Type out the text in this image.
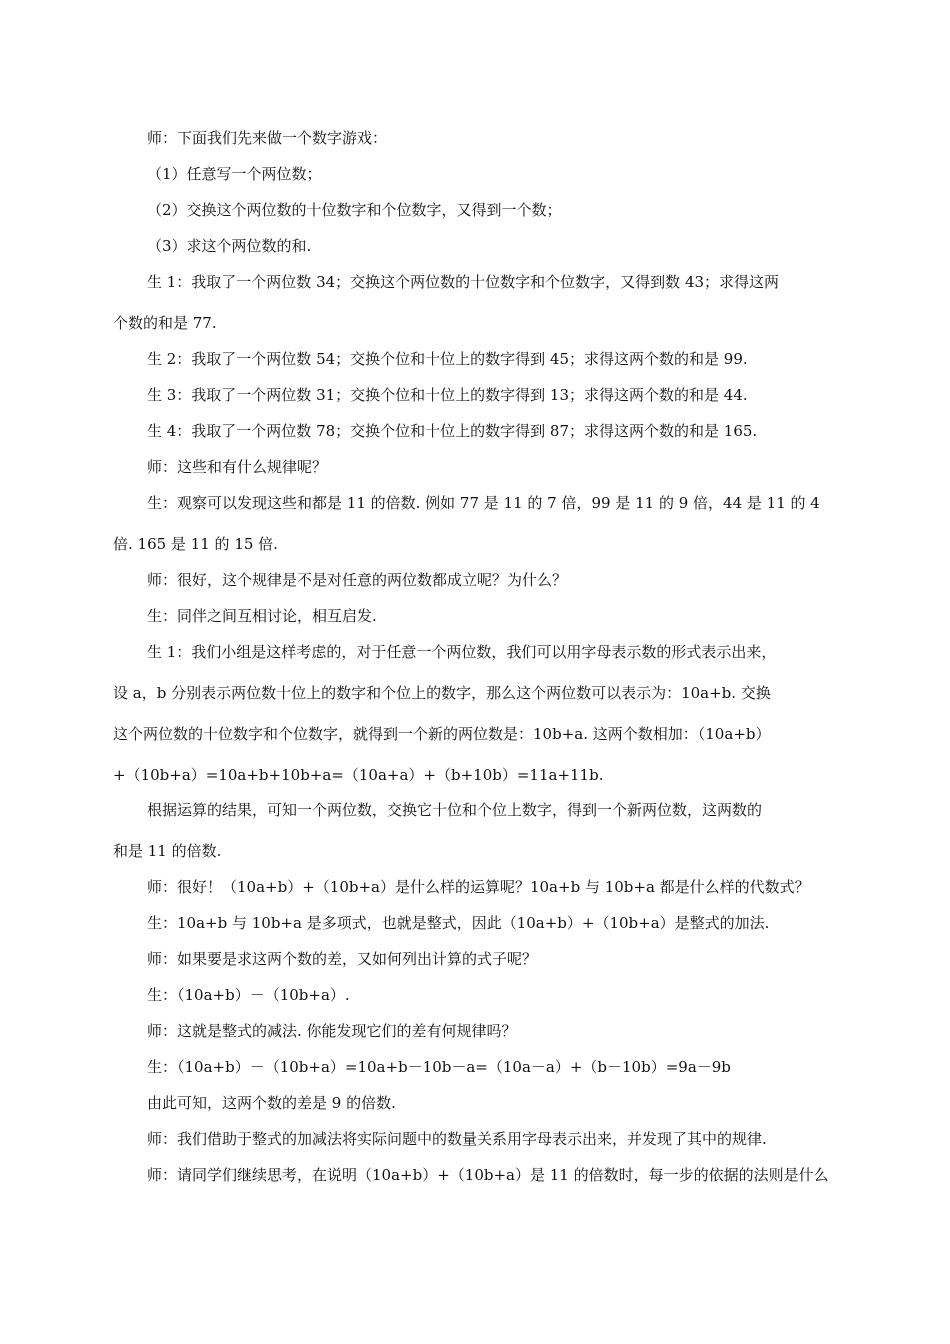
师：下面我们先来做一个数字游戏：
（1）任意写一个两位数；
（2）交换这个两位数的十位数字和个位数字，又得到一个数；
（3）求这个两位数的和.
生 1：我取了一个两位数 34；交换这个两位数的十位数字和个位数字，又得到数 43；求得这两
个数的和是 77.
生 2：我取了一个两位数 54；交换个位和十位上的数字得到 45；求得这两个数的和是 99.
生 3：我取了一个两位数 31；交换个位和十位上的数字得到 13；求得这两个数的和是 44.
生 4：我取了一个两位数 78；交换个位和十位上的数字得到 87；求得这两个数的和是 165.
师：这些和有什么规律呢？
生：观察可以发现这些和都是 11 的倍数. 例如 77 是 11 的 7 倍，99 是 11 的 9 倍，44 是 11 的 4
倍. 165 是 11 的 15 倍.
师：很好，这个规律是不是对任意的两位数都成立呢？为什么？
生：同伴之间互相讨论，相互启发.
生 1：我们小组是这样考虑的，对于任意一个两位数，我们可以用字母表示数的形式表示出来，
设 a，b 分别表示两位数十位上的数字和个位上的数字，那么这个两位数可以表示为：10a+b. 交换
这个两位数的十位数字和个位数字，就得到一个新的两位数是：10b+a. 这两个数相加：（10a+b）
+（10b+a）=10a+b+10b+a=（10a+a）+（b+10b）=11a+11b.
根据运算的结果，可知一个两位数，交换它十位和个位上数字，得到一个新两位数，这两数的
和是 11 的倍数.
师：很好！（10a+b）+（10b+a）是什么样的运算呢？10a+b 与 10b+a 都是什么样的代数式？
生：10a+b 与 10b+a 是多项式，也就是整式，因此（10a+b）+（10b+a）是整式的加法.
师：如果要是求这两个数的差，又如何列出计算的式子呢？
生：（10a+b）－（10b+a）.
师：这就是整式的减法. 你能发现它们的差有何规律吗？
生：（10a+b）－（10b+a）=10a+b－10b－a=（10a－a）+（b－10b）=9a－9b
由此可知，这两个数的差是 9 的倍数.
师：我们借助于整式的加减法将实际问题中的数量关系用字母表示出来，并发现了其中的规律.
师：请同学们继续思考，在说明（10a+b）+（10b+a）是 11 的倍数时，每一步的依据的法则是什么
